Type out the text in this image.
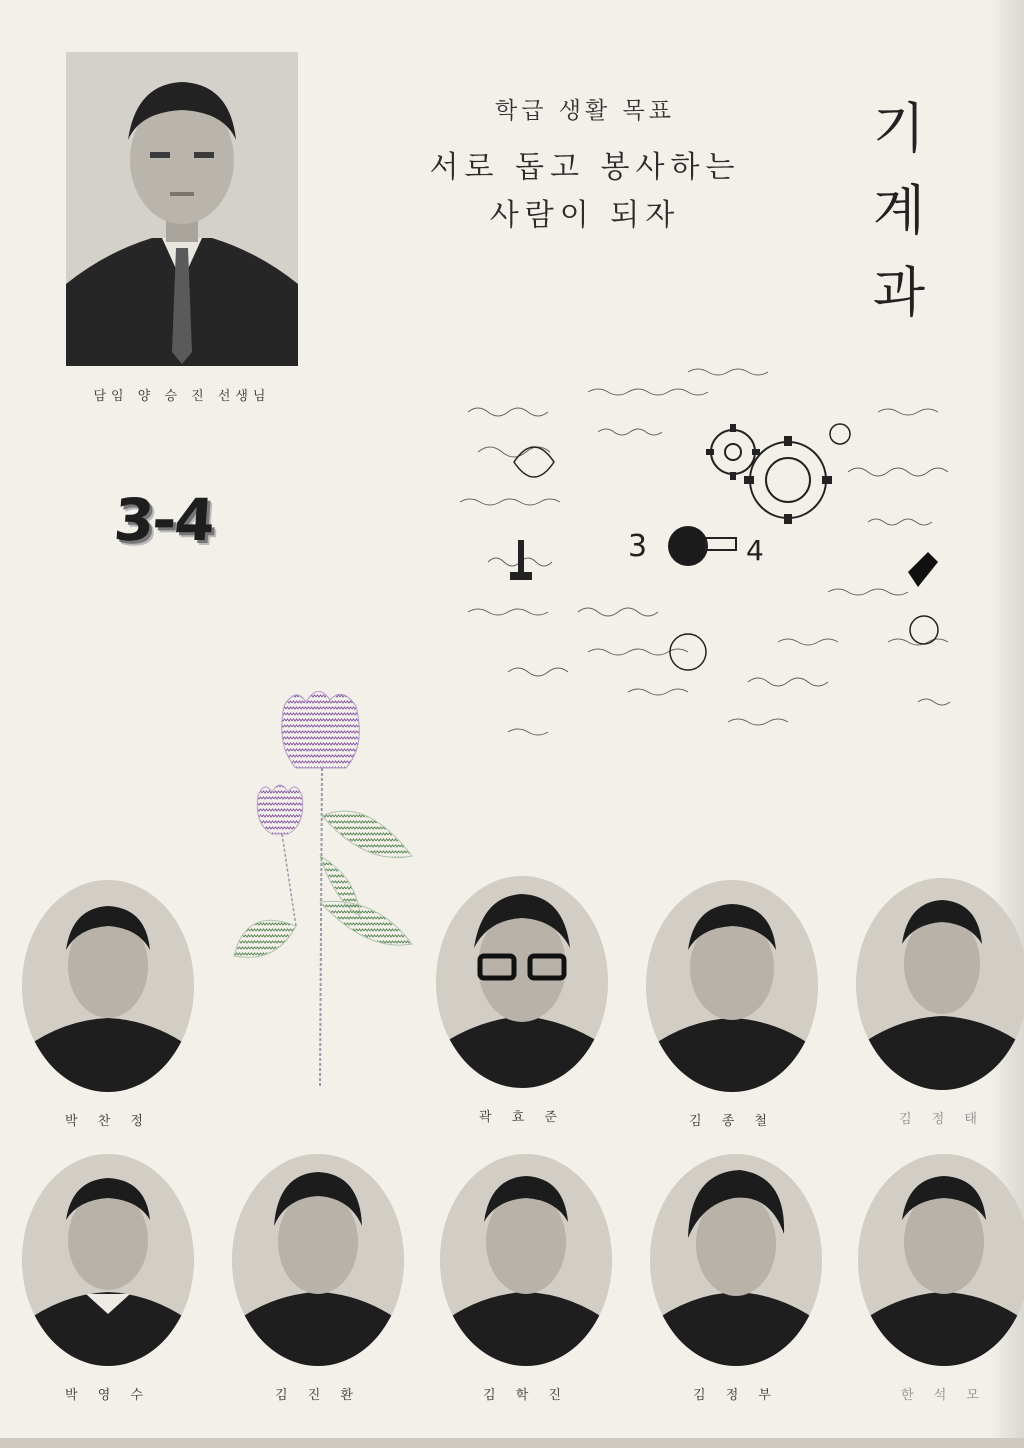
담임 양 승 진 선생님
학급 생활 목표
서로 돕고 봉사하는
사람이 되자
기
계
과
3-4	3	4
박 찬 정	곽 효 준	김 종 철	김 정 태
박 영 수	김 진 환	김 학 진	김 정 부	한 석 모
